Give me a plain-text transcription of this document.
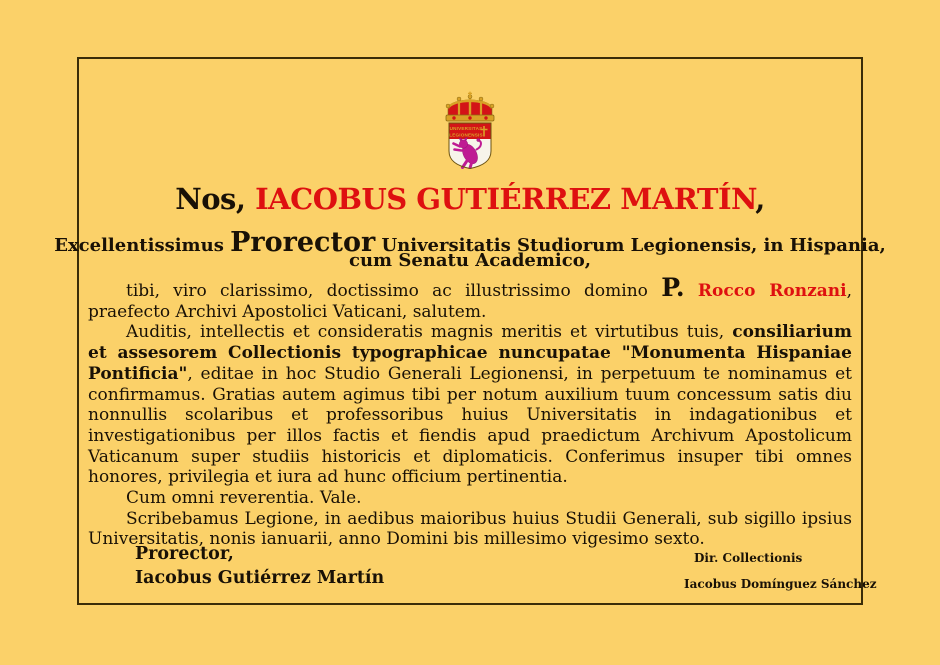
UNIVERSITAS
LEGIONENSIS
Nos, IACOBUS GUTIÉRREZ MARTÍN,
Excellentissimus Prorector Universitatis Studiorum Legionensis, in Hispania,
cum Senatu Academico,

tibi, viro clarissimo, doctissimo ac illustrissimo domino P. Rocco Ronzani, praefecto Archivi Apostolici Vaticani, salutem.

Auditis, intellectis et consideratis magnis meritis et virtutibus tuis, consiliarium et assesorem Collectionis typographicae nuncupatae "Monumenta Hispaniae Pontificia", editae in hoc Studio Generali Legionensi, in perpetuum te nominamus et confirmamus. Gratias autem agimus tibi per notum auxilium tuum concessum satis diu nonnullis scolaribus et professoribus huius Universitatis in indagationibus et investigationibus per illos factis et fiendis apud praedictum Archivum Apostolicum Vaticanum super studiis historicis et diplomaticis. Conferimus insuper tibi omnes honores, privilegia et iura ad hunc officium pertinentia.

Cum omni reverentia. Vale.

Scribebamus Legione, in aedibus maioribus huius Studii Generali, sub sigillo ipsius Universitatis, nonis ianuarii, anno Domini bis millesimo vigesimo sexto.

Prorector,
Iacobus Gutiérrez Martín
Dir. Collectionis
Iacobus Domínguez Sánchez
